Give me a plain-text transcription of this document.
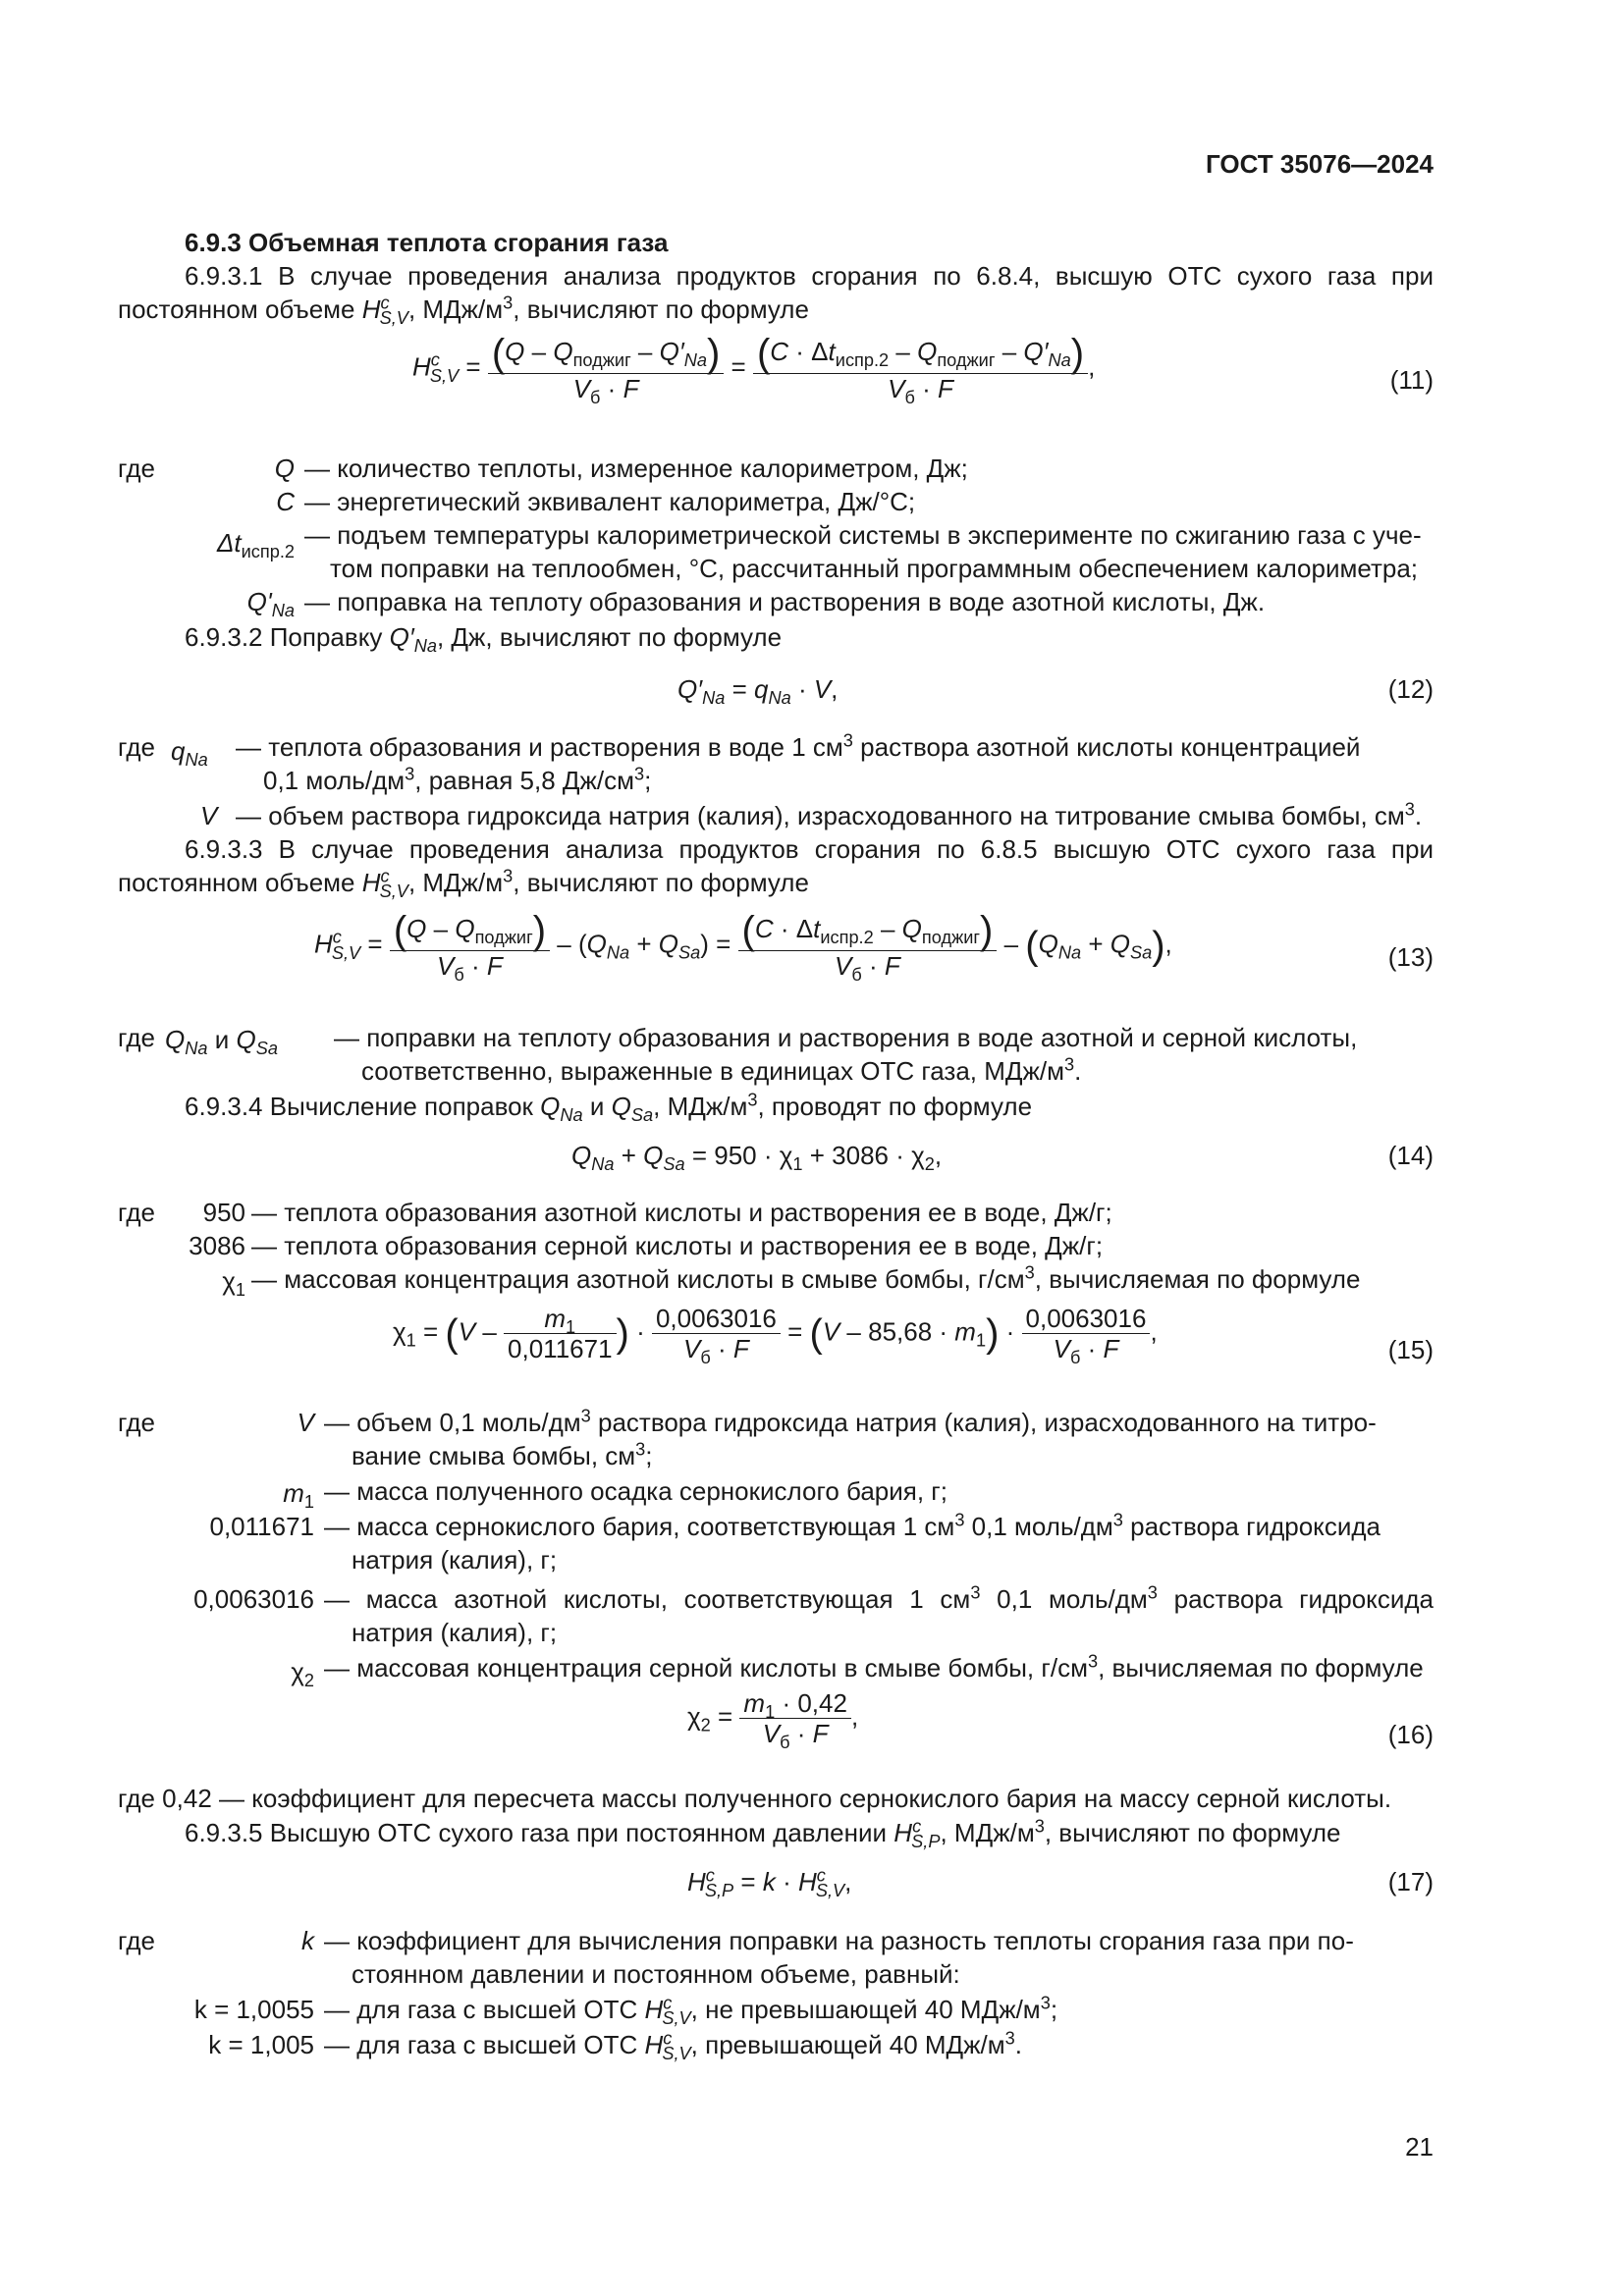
ГОСТ 35076—2024

6.9.3 Объемная теплота сгорания газа

6.9.3.1 В случае проведения анализа продуктов сгорания по 6.8.4, высшую ОТС сухого газа при

постоянном объеме $H^c_{S,V}$, МДж/$м^3$, вычисляют по формуле

$H^c_{S,V} = (Q - Q_{поджиг} - Q'_{Na})$
$V_б \cdot F$
= $(C \cdot \Delta t_{испр.2} - Q_{поджиг} - Q'_{Na})$
$V_б \cdot F$
,	(11)
где	Q — количество теплоты, измеренное калориметром, Дж;
C — энергетический эквивалент калориметра, Дж/°С;
$\Delta t_{испр.2}$
— подъем температуры калориметрической системы в эксперименте по сжиганию газа с уче-
том поправки на теплообмен, °С, рассчитанный программным обеспечением калориметра;
$Q'_{Na}$ — поправка на теплоту образования и растворения в воде азотной кислоты, Дж.

6.9.3.2 Поправку $Q'_{Na}$, Дж, вычисляют по формуле

$Q'_{Na} = q_{Na} \cdot V$,	(12)
где $q_{Na}$ — теплота образования и растворения в воде 1 $см^3$ раствора азотной кислоты концентрацией
0,1 моль/$дм^3$, равная 5,8 $Дж/см^3$;
V — объем раствора гидроксида натрия (калия), израсходованного на титрование смыва бомбы, $см^3$.

6.9.3.3 В случае проведения анализа продуктов сгорания по 6.8.5 высшую ОТС сухого газа при

постоянном объеме $H^c_{S,V}$, МДж/$м^3$, вычисляют по формуле

$H^c_{S,V} = (Q - Q_{поджиг})$
$V_б \cdot F$
– $(Q_{Na} + Q_{Sa}) = (C \cdot \Delta t_{испр.2} - Q_{поджиг})$
$V_б \cdot F$
– $(Q_{Na} + Q_{Sa})$,	(13)
где $Q_{Na}$ и $Q_{Sa}$ — поправки на теплоту образования и растворения в воде азотной и серной кислоты,
соответственно, выраженные в единицах ОТС газа, МДж/$м^3$.

6.9.3.4 Вычисление поправок $Q_{Na}$ и $Q_{Sa}$, МДж/$м^3$, проводят по формуле

$Q_{Na} + Q_{Sa} = 950 \cdot \chi_1 + 3086 \cdot \chi_2$,	(14)
где	950 — теплота образования азотной кислоты и растворения ее в воде, Дж/г;
3086 — теплота образования серной кислоты и растворения ее в воде, Дж/г;
$\chi_1$ — массовая концентрация азотной кислоты в смыве бомбы, $г/см^3$, вычисляемая по формуле
$\chi_1 = (V - \frac{m_1}{0,011671}$ ) · 0,0063016
$V_б \cdot F$
= $(V - 85,68 \cdot m_1) \cdot 0,0063016$
$V_б \cdot F$
,
(15)
где	V — объем 0,1 моль/$дм^3$ раствора гидроксида натрия (калия), израсходованного на титро-
вание смыва бомбы, $см^3$;
$m_1$ — масса полученного осадка сернокислого бария, г;
0,011671 — масса сернокислого бария, соответствующая 1 $см^3$ 0,1 моль/$дм^3$ раствора гидроксида
натрия (калия), г;
0,0063016 — масса азотной кислоты, соответствующая 1 $см^3$ 0,1 моль/$дм^3$ раствора гидроксида
натрия (калия), г;
$\chi_2$ — массовая концентрация серной кислоты в смыве бомбы, $г/см^3$, вычисляемая по формуле
$\chi_2 = m_1 \cdot 0,42$
$V_б \cdot F$
,
(16)

где 0,42 — коэффициент для пересчета массы полученного сернокислого бария на массу серной кислоты.

6.9.3.5 Высшую ОТС сухого газа при постоянном давлении $H^c_{S,P}$, МДж/$м^3$, вычисляют по формуле

$H^c_{S,P} = k \cdot H^c_{S,V}$,	(17)
где	k — коэффициент для вычисления поправки на разность теплоты сгорания газа при по-
стоянном давлении и постоянном объеме, равный:
k = 1,0055 — для газа с высшей ОТС $H^c_{S,V}$, не превышающей 40 МДж/$м^3$;
k = 1,005 — для газа с высшей ОТС $H^c_{S,V}$, превышающей 40 МДж/$м^3$.
21
